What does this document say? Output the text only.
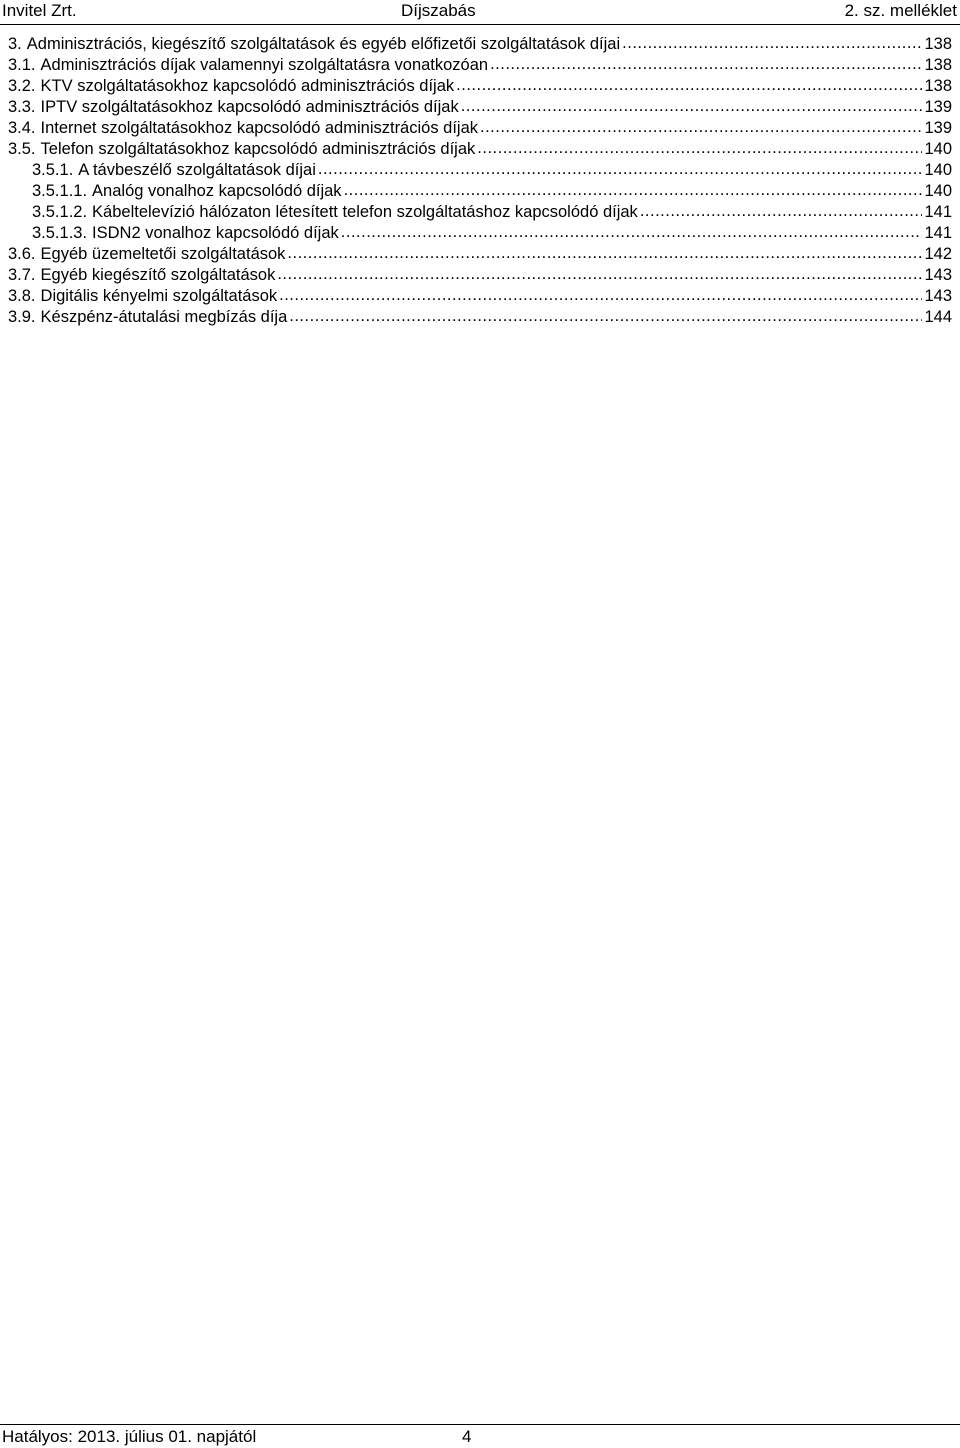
Invitel Zrt.	Díjszabás	2. sz. melléklet
3. Adminisztrációs, kiegészítő szolgáltatások és egyéb előfizetői szolgáltatások díjai .....	138
3.1. Adminisztrációs díjak valamennyi szolgáltatásra vonatkozóan .....	138
3.2. KTV szolgáltatásokhoz kapcsolódó adminisztrációs díjak .....	138
3.3. IPTV szolgáltatásokhoz kapcsolódó adminisztrációs díjak .....	139
3.4. Internet szolgáltatásokhoz kapcsolódó adminisztrációs díjak .....	139
3.5. Telefon szolgáltatásokhoz kapcsolódó adminisztrációs díjak .....	140
3.5.1. A távbeszélő szolgáltatások díjai .....	140
3.5.1.1. Analóg vonalhoz kapcsolódó díjak .....	140
3.5.1.2. Kábeltelevízió hálózaton létesített telefon szolgáltatáshoz kapcsolódó díjak .....	141
3.5.1.3. ISDN2 vonalhoz kapcsolódó díjak .....	141
3.6. Egyéb üzemeltetői szolgáltatások .....	142
3.7. Egyéb kiegészítő szolgáltatások .....	143
3.8. Digitális kényelmi szolgáltatások .....	143
3.9. Készpénz-átutalási megbízás díja .....	144
Hatályos: 2013. július 01. napjától	4
